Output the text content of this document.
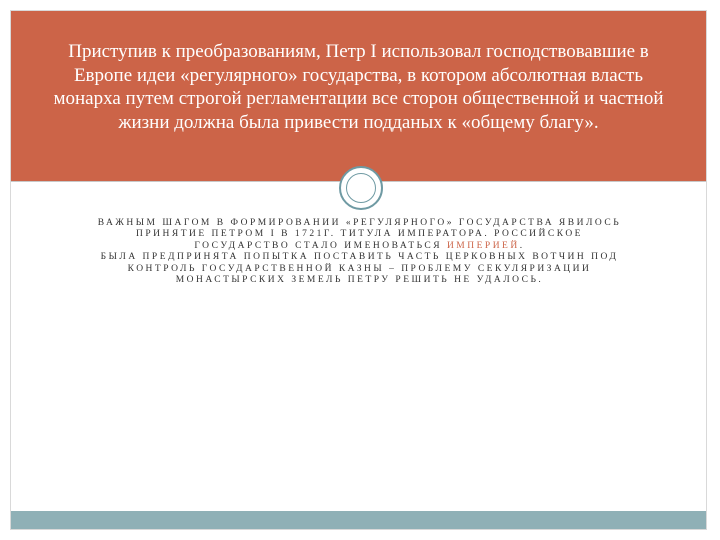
Приступив к преобразованиям, Петр I использовал господствовавшие в Европе идеи «регулярного» государства, в котором абсолютная власть монарха путем строгой регламентации все сторон общественной и частной жизни должна была привести подданых к «общему благу».

ВАЖНЫМ ШАГОМ В ФОРМИРОВАНИИ «РЕГУЛЯРНОГО» ГОСУДАРСТВА ЯВИЛОСЬ ПРИНЯТИЕ ПЕТРОМ I В 1721Г. ТИТУЛА ИМПЕРАТОРА. РОССИЙСКОЕ ГОСУДАРСТВО СТАЛО ИМЕНОВАТЬСЯ ИМПЕРИЕЙ.

БЫЛА ПРЕДПРИНЯТА ПОПЫТКА ПОСТАВИТЬ ЧАСТЬ ЦЕРКОВНЫХ ВОТЧИН ПОД КОНТРОЛЬ ГОСУДАРСТВЕННОЙ КАЗНЫ – ПРОБЛЕМУ СЕКУЛЯРИЗАЦИИ МОНАСТЫРСКИХ ЗЕМЕЛЬ ПЕТРУ РЕШИТЬ НЕ УДАЛОСЬ.
